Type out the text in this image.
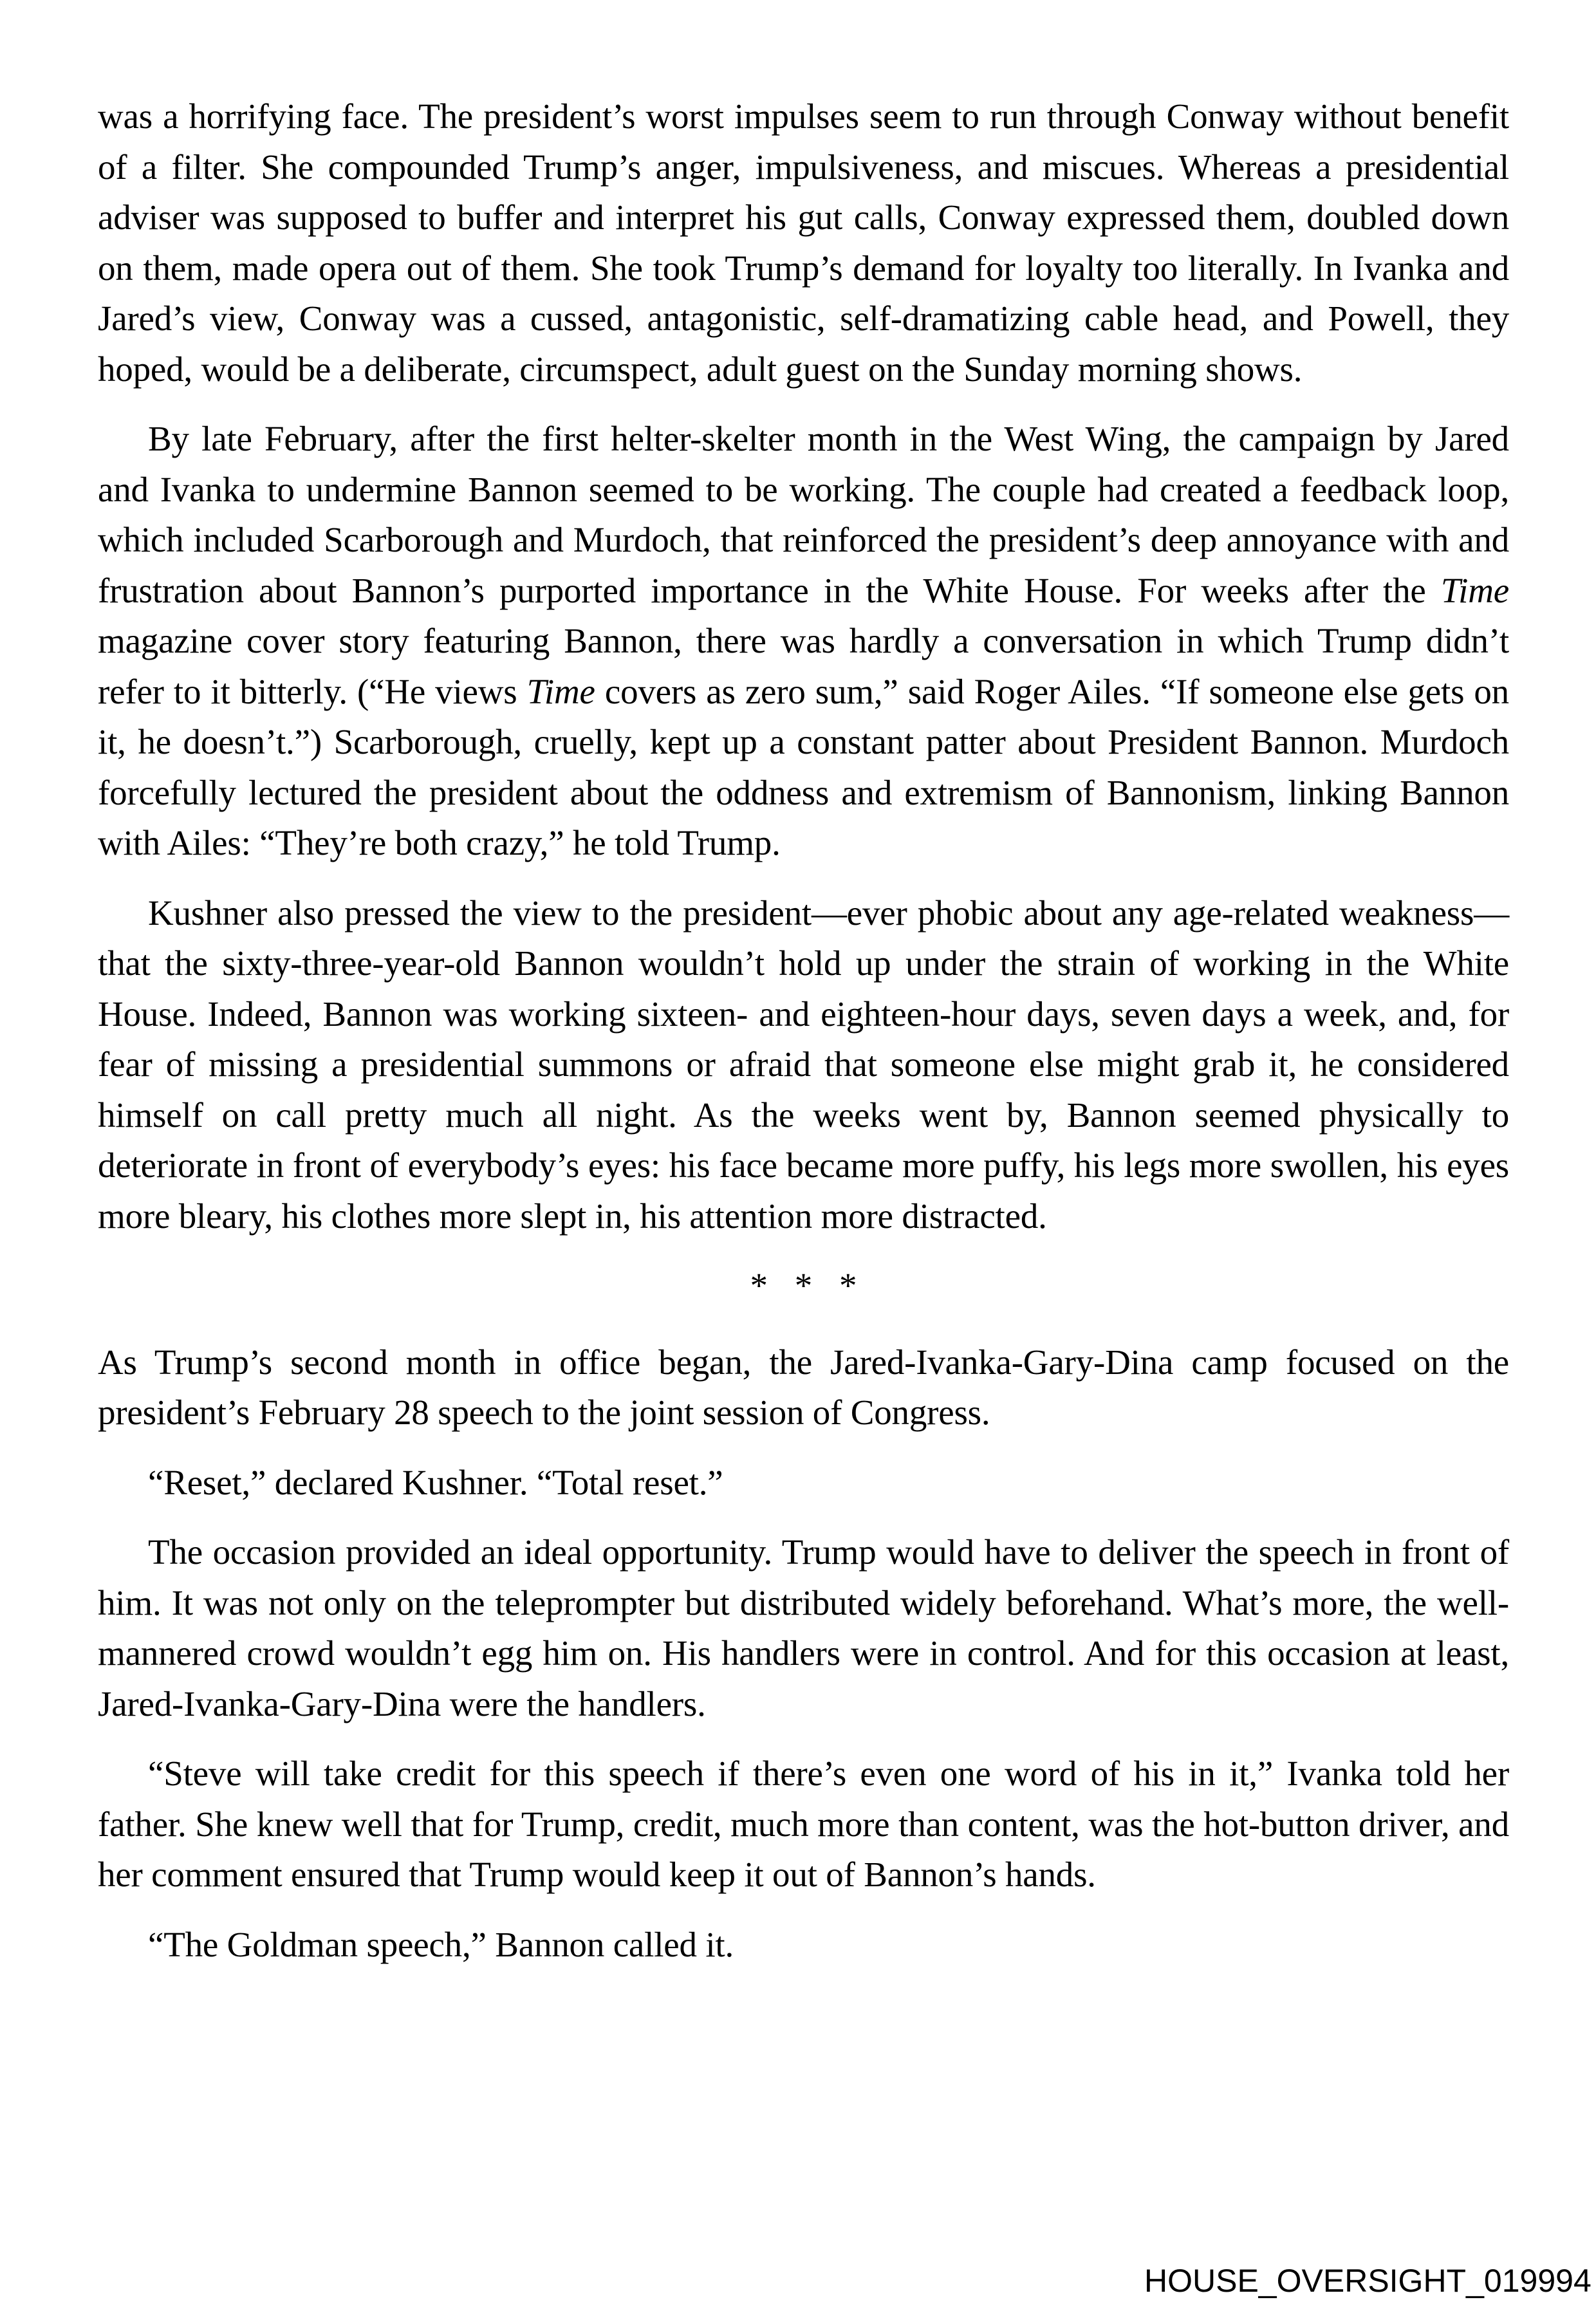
was a horrifying face. The president’s worst impulses seem to run through Conway without benefit of a filter. She compounded Trump’s anger, impulsiveness, and miscues. Whereas a presidential adviser was supposed to buffer and interpret his gut calls, Conway expressed them, doubled down on them, made opera out of them. She took Trump’s demand for loyalty too literally. In Ivanka and Jared’s view, Conway was a cussed, antagonistic, self-dramatizing cable head, and Powell, they hoped, would be a deliberate, circumspect, adult guest on the Sunday morning shows.

By late February, after the first helter-skelter month in the West Wing, the campaign by Jared and Ivanka to undermine Bannon seemed to be working. The couple had created a feedback loop, which included Scarborough and Murdoch, that reinforced the president’s deep annoyance with and frustration about Bannon’s purported importance in the White House. For weeks after the Time magazine cover story featuring Bannon, there was hardly a conversation in which Trump didn’t refer to it bitterly. (“He views Time covers as zero sum,” said Roger Ailes. “If someone else gets on it, he doesn’t.”) Scarborough, cruelly, kept up a constant patter about President Bannon. Murdoch forcefully lectured the president about the oddness and extremism of Bannonism, linking Bannon with Ailes: “They’re both crazy,” he told Trump.

Kushner also pressed the view to the president—ever phobic about any age-related weakness—that the sixty-three-year-old Bannon wouldn’t hold up under the strain of working in the White House. Indeed, Bannon was working sixteen- and eighteen-hour days, seven days a week, and, for fear of missing a presidential summons or afraid that someone else might grab it, he considered himself on call pretty much all night. As the weeks went by, Bannon seemed physically to deteriorate in front of everybody’s eyes: his face became more puffy, his legs more swollen, his eyes more bleary, his clothes more slept in, his attention more distracted.

* * *

As Trump’s second month in office began, the Jared-Ivanka-Gary-Dina camp focused on the president’s February 28 speech to the joint session of Congress.

“Reset,” declared Kushner. “Total reset.”

The occasion provided an ideal opportunity. Trump would have to deliver the speech in front of him. It was not only on the teleprompter but distributed widely beforehand. What’s more, the well-mannered crowd wouldn’t egg him on. His handlers were in control. And for this occasion at least, Jared-Ivanka-Gary-Dina were the handlers.

“Steve will take credit for this speech if there’s even one word of his in it,” Ivanka told her father. She knew well that for Trump, credit, much more than content, was the hot-button driver, and her comment ensured that Trump would keep it out of Bannon’s hands.

“The Goldman speech,” Bannon called it.

HOUSE_OVERSIGHT_019994
